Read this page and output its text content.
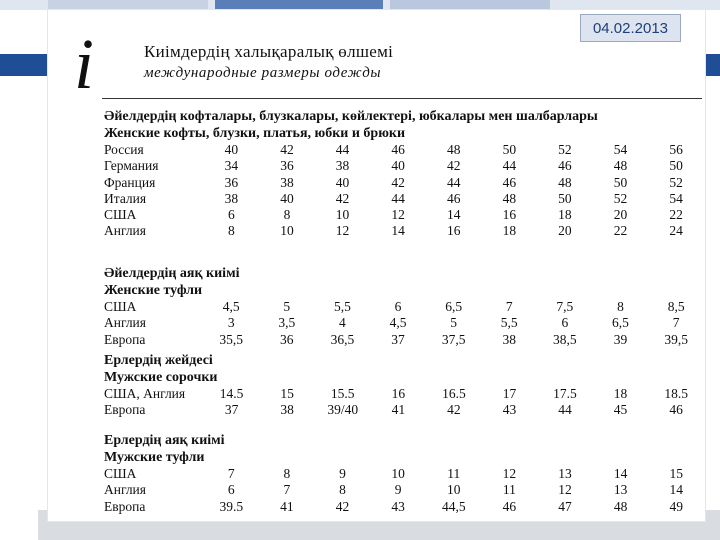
i	Киімдердің халықаралық өлшемі
международные размеры одежды
Әйелдердің кофталары, блузкалары, көйлектері, юбкалары мен шалбарлары
Женские кофты, блузки, платья, юбки и брюки
Россия	40	42	44	46	48	50	52	54	56
Германия	34	36	38	40	42	44	46	48	50
Франция	36	38	40	42	44	46	48	50	52
Италия	38	40	42	44	46	48	50	52	54
США	6	8	10	12	14	16	18	20	22
Англия	8	10	12	14	16	18	20	22	24
Әйелдердің аяқ киімі
Женские туфли
США	4,5	5	5,5	6	6,5	7	7,5	8	8,5
Англия	3	3,5	4	4,5	5	5,5	6	6,5	7
Европа	35,5	36	36,5	37	37,5	38	38,5	39	39,5
Ерлердің жейдесі
Мужские сорочки
США, Англия	14.5	15	15.5	16	16.5	17	17.5	18	18.5
Европа	37	38	39/40	41	42	43	44	45	46
Ерлердің аяқ киімі
Мужские туфли
США	7	8	9	10	11	12	13	14	15
Англия	6	7	8	9	10	11	12	13	14
Европа	39.5	41	42	43	44,5	46	47	48	49
04.02.2013
